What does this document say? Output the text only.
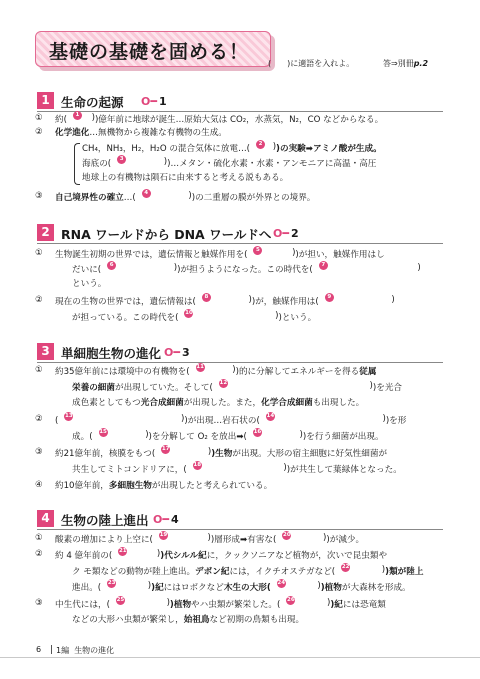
基礎の基礎を固める！
(　　)に適語を入れよ。	答⇒別冊p.2
1 生命の起源 O━ 1
① 約(	1	) )億年前に地球が誕生…原始大気は CO₂，水蒸気，N₂，CO などからなる。
② 化学進化…無機物から複雑な有機物の生成。
CH₄，NH₃，H₂，H₂O の混合気体に放電…(	2	) )の実験➡アミノ酸が生成。
海底の(	3	) )…メタン・硫化水素・水素・アンモニアに高温・高圧
地球上の有機物は隕石に由来すると考える説もある。
③ 自己境界性の確立…(	4	) )の二重層の膜が外界との境界。
2 RNA ワールドから DNA ワールドへ O━ 2
① 生物誕生初期の世界では，遺伝情報と触媒作用を(	5	) )が担い，触媒作用はし
だいに(	6	) )が担うようになった。この時代を(	7	)
という。
② 現在の生物の世界では，遺伝情報は(	8	) )が，触媒作用は(	9	)
が担っている。この時代を( 10	) )という。
3 単細胞生物の進化 O━ 3
① 約35億年前には環境中の有機物を( 11	) )的に分解してエネルギーを得る従属
栄養の細菌が出現していた。そして( 12	) )を光合
成色素としてもつ光合成細菌が出現した。また，化学合成細菌も出現した。
② ( 13	) )が出現…岩石状の( 14	) )を形
成。( 15	) )を分解して O₂ を放出➡( 16	) )を行う細菌が出現。
③ 約21億年前，核膜をもつ( 17	) )生物が出現。大形の宿主細胞に好気性細菌が
共生してミトコンドリアに，( 18	) )が共生して葉緑体となった。
④ 約10億年前，多細胞生物が出現したと考えられている。
4 生物の陸上進出 O━ 4
① 酸素の増加により上空に( 19	) )層形成➡有害な( 20	) )が減少。
② 約 4 億年前の( 21	) )代シルル紀に，クックソニアなど植物が，次いで昆虫類や
ク モ類などの動物が陸上進出。デボン紀には，イクチオステガなど( 22	) )類が陸上
進出。( 23	) )紀にはロボクなど木生の大形( 24	) )植物が大森林を形成。
③ 中生代には，( 25	) )植物やハ虫類が繁栄した。( 26	) )紀には恐竜類
などの大形ハ虫類が繁栄し，始祖鳥など初期の鳥類も出現。
6 1編 生物の進化
